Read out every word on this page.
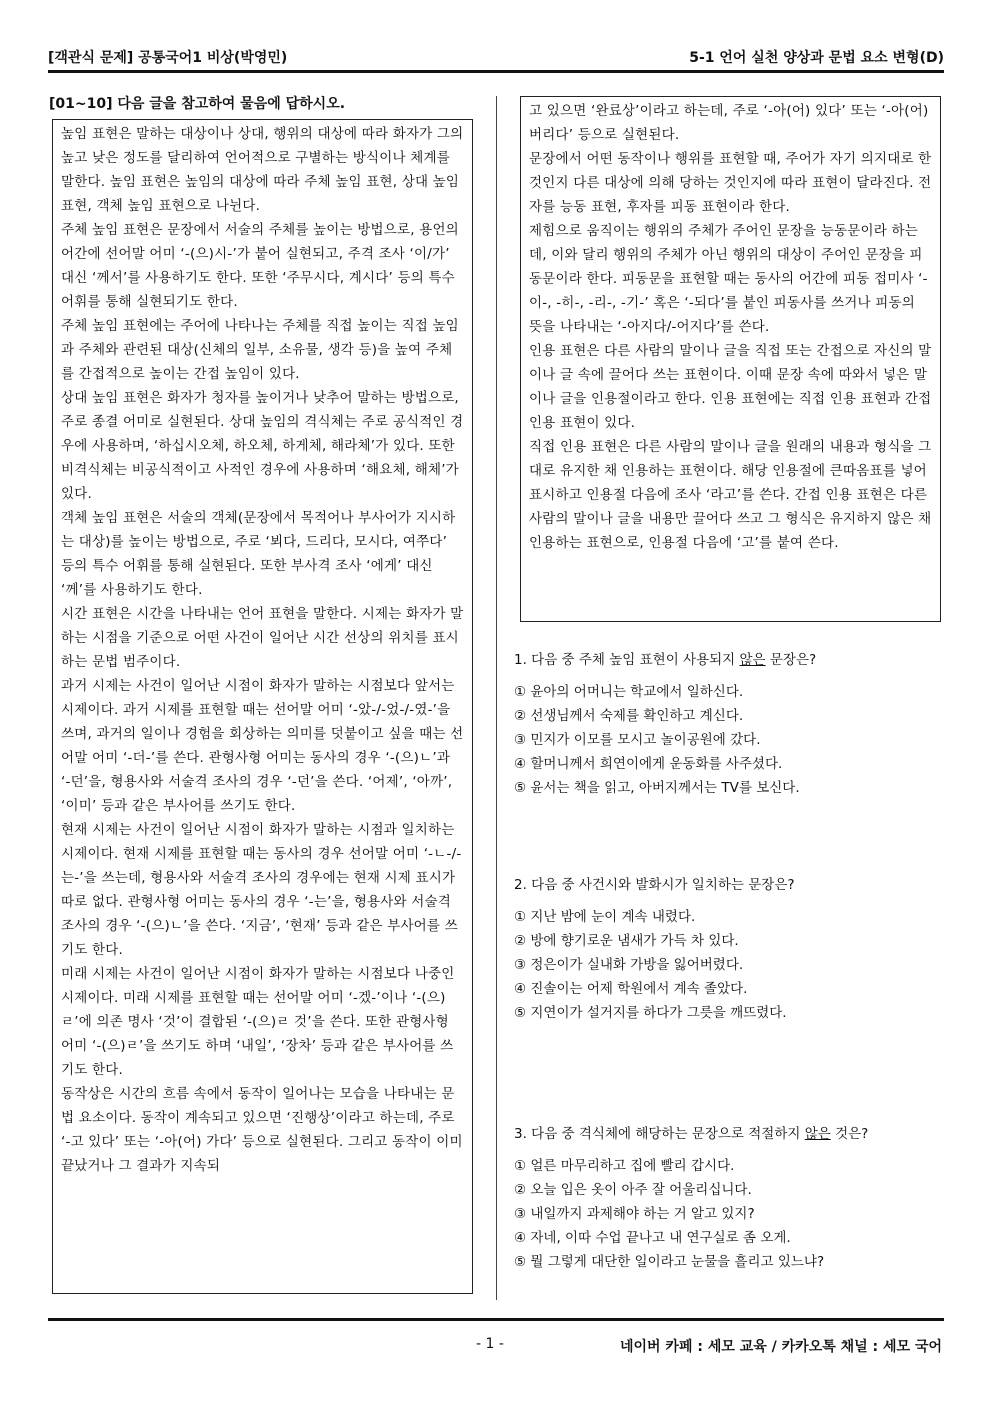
[객관식 문제] 공통국어1 비상(박영민)	5-1 언어 실천 양상과 문법 요소 변형(D)
[01~10] 다음 글을 참고하여 물음에 답하시오.

높임 표현은 말하는 대상이나 상대, 행위의 대상에 따라 화자가 그의 높고 낮은 정도를 달리하여 언어적으로 구별하는 방식이나 체계를 말한다. 높임 표현은 높임의 대상에 따라 주체 높임 표현, 상대 높임 표현, 객체 높임 표현으로 나뉜다.

주체 높임 표현은 문장에서 서술의 주체를 높이는 방법으로, 용언의 어간에 선어말 어미 ‘-(으)시-’가 붙어 실현되고, 주격 조사 ‘이/가’ 대신 ‘께서’를 사용하기도 한다. 또한 ‘주무시다, 계시다’ 등의 특수 어휘를 통해 실현되기도 한다.

주체 높임 표현에는 주어에 나타나는 주체를 직접 높이는 직접 높임과 주체와 관련된 대상(신체의 일부, 소유물, 생각 등)을 높여 주체를 간접적으로 높이는 간접 높임이 있다.

상대 높임 표현은 화자가 청자를 높이거나 낮추어 말하는 방법으로, 주로 종결 어미로 실현된다. 상대 높임의 격식체는 주로 공식적인 경우에 사용하며, ‘하십시오체, 하오체, 하게체, 해라체’가 있다. 또한 비격식체는 비공식적이고 사적인 경우에 사용하며 ‘해요체, 해체’가 있다.

객체 높임 표현은 서술의 객체(문장에서 목적어나 부사어가 지시하는 대상)를 높이는 방법으로, 주로 ‘뵈다, 드리다, 모시다, 여쭈다’ 등의 특수 어휘를 통해 실현된다. 또한 부사격 조사 ‘에게’ 대신 ‘께’를 사용하기도 한다.

시간 표현은 시간을 나타내는 언어 표현을 말한다. 시제는 화자가 말하는 시점을 기준으로 어떤 사건이 일어난 시간 선상의 위치를 표시하는 문법 범주이다.

과거 시제는 사건이 일어난 시점이 화자가 말하는 시점보다 앞서는 시제이다. 과거 시제를 표현할 때는 선어말 어미 ‘-았-/-었-/-였-’을 쓰며, 과거의 일이나 경험을 회상하는 의미를 덧붙이고 싶을 때는 선어말 어미 ‘-더-’를 쓴다. 관형사형 어미는 동사의 경우 ‘-(으)ㄴ’과 ‘-던’을, 형용사와 서술격 조사의 경우 ‘-던’을 쓴다. ‘어제’, ‘아까’, ‘이미’ 등과 같은 부사어를 쓰기도 한다.

현재 시제는 사건이 일어난 시점이 화자가 말하는 시점과 일치하는 시제이다. 현재 시제를 표현할 때는 동사의 경우 선어말 어미 ‘-ㄴ-/-는-’을 쓰는데, 형용사와 서술격 조사의 경우에는 현재 시제 표시가 따로 없다. 관형사형 어미는 동사의 경우 ‘-는’을, 형용사와 서술격 조사의 경우 ‘-(으)ㄴ’을 쓴다. ‘지금’, ‘현재’ 등과 같은 부사어를 쓰기도 한다.

미래 시제는 사건이 일어난 시점이 화자가 말하는 시점보다 나중인 시제이다. 미래 시제를 표현할 때는 선어말 어미 ‘-겠-’이나 ‘-(으)ㄹ’에 의존 명사 ‘것’이 결합된 ‘-(으)ㄹ 것’을 쓴다. 또한 관형사형 어미 ‘-(으)ㄹ’을 쓰기도 하며 ‘내일’, ‘장차’ 등과 같은 부사어를 쓰기도 한다.

동작상은 시간의 흐름 속에서 동작이 일어나는 모습을 나타내는 문법 요소이다. 동작이 계속되고 있으면 ‘진행상’이라고 하는데, 주로 ‘-고 있다’ 또는 ‘-아(어) 가다’ 등으로 실현된다. 그리고 동작이 이미 끝났거나 그 결과가 지속되

고 있으면 ‘완료상’이라고 하는데, 주로 ‘-아(어) 있다’ 또는 ‘-아(어) 버리다’ 등으로 실현된다.

문장에서 어떤 동작이나 행위를 표현할 때, 주어가 자기 의지대로 한 것인지 다른 대상에 의해 당하는 것인지에 따라 표현이 달라진다. 전자를 능동 표현, 후자를 피동 표현이라 한다.

제힘으로 움직이는 행위의 주체가 주어인 문장을 능동문이라 하는데, 이와 달리 행위의 주체가 아닌 행위의 대상이 주어인 문장을 피동문이라 한다. 피동문을 표현할 때는 동사의 어간에 피동 접미사 ‘-이-, -히-, -리-, -기-’ 혹은 ‘-되다’를 붙인 피동사를 쓰거나 피동의 뜻을 나타내는 ‘-아지다/-어지다’를 쓴다.

인용 표현은 다른 사람의 말이나 글을 직접 또는 간접으로 자신의 말이나 글 속에 끌어다 쓰는 표현이다. 이때 문장 속에 따와서 넣은 말이나 글을 인용절이라고 한다. 인용 표현에는 직접 인용 표현과 간접 인용 표현이 있다.

직접 인용 표현은 다른 사람의 말이나 글을 원래의 내용과 형식을 그대로 유지한 채 인용하는 표현이다. 해당 인용절에 큰따옴표를 넣어 표시하고 인용절 다음에 조사 ‘라고’를 쓴다. 간접 인용 표현은 다른 사람의 말이나 글을 내용만 끌어다 쓰고 그 형식은 유지하지 않은 채 인용하는 표현으로, 인용절 다음에 ‘고’를 붙여 쓴다.

1. 다음 중 주체 높임 표현이 사용되지 않은 문장은?
① 윤아의 어머니는 학교에서 일하신다.
② 선생님께서 숙제를 확인하고 계신다.
③ 민지가 이모를 모시고 놀이공원에 갔다.
④ 할머니께서 희연이에게 운동화를 사주셨다.
⑤ 윤서는 책을 읽고, 아버지께서는 TV를 보신다.
2. 다음 중 사건시와 발화시가 일치하는 문장은?
① 지난 밤에 눈이 계속 내렸다.
② 방에 향기로운 냄새가 가득 차 있다.
③ 정은이가 실내화 가방을 잃어버렸다.
④ 진솔이는 어제 학원에서 계속 졸았다.
⑤ 지연이가 설거지를 하다가 그릇을 깨뜨렸다.
3. 다음 중 격식체에 해당하는 문장으로 적절하지 않은 것은?
① 얼른 마무리하고 집에 빨리 갑시다.
② 오늘 입은 옷이 아주 잘 어울리십니다.
③ 내일까지 과제해야 하는 거 알고 있지?
④ 자네, 이따 수업 끝나고 내 연구실로 좀 오게.
⑤ 뭘 그렇게 대단한 일이라고 눈물을 흘리고 있느냐?
- 1 -	네이버 카페 : 세모 교육 / 카카오톡 채널 : 세모 국어
